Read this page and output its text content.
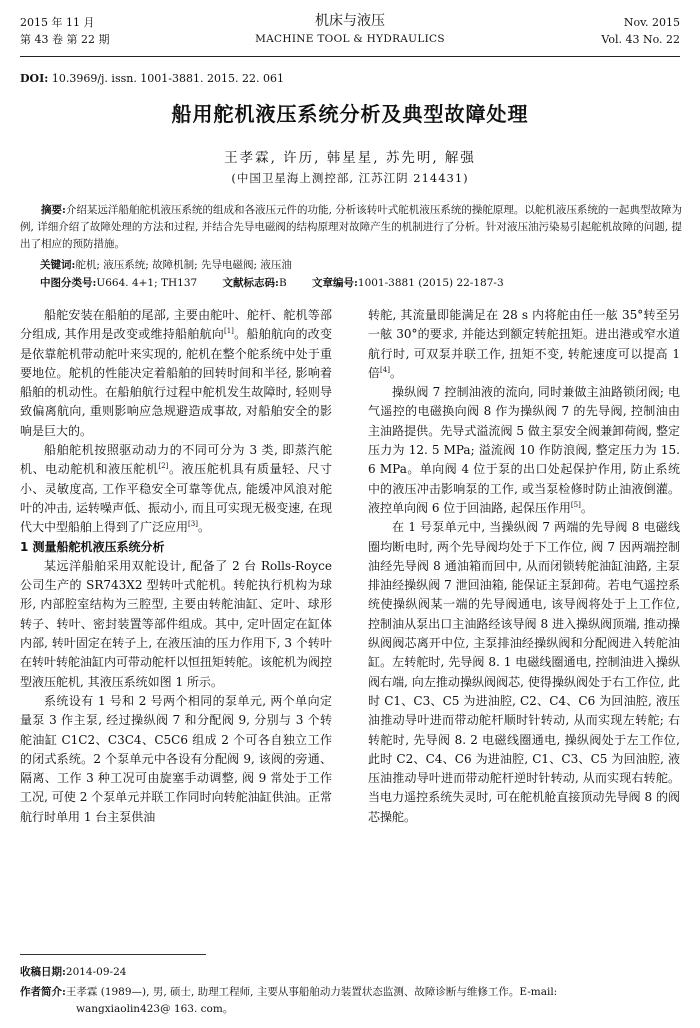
2015 年 11 月
第 43 卷 第 22 期
机床与液压
MACHINE TOOL & HYDRAULICS
Nov. 2015
Vol. 43 No. 22
DOI: 10.3969/j. issn. 1001-3881. 2015. 22. 061
船用舵机液压系统分析及典型故障处理
王孝霖, 许历, 韩星星, 苏先明, 解强
(中国卫星海上测控部, 江苏江阴 214431)
摘要:介绍某远洋船舶舵机液压系统的组成和各液压元件的功能, 分析该转叶式舵机液压系统的操舵原理。以舵机液压系统的一起典型故障为例, 详细介绍了故障处理的方法和过程, 并结合先导电磁阀的结构原理对故障产生的机制进行了分析。针对液压油污染易引起舵机故障的问题, 提出了相应的预防措施。
关键词:舵机; 液压系统; 故障机制; 先导电磁阀; 液压油
中图分类号:U664. 4+1; TH137 文献标志码:B 文章编号:1001-3881 (2015) 22-187-3

船舵安装在船舶的尾部, 主要由舵叶、舵杆、舵机等部分组成, 其作用是改变或维持船舶航向[1]。船舶航向的改变是依靠舵机带动舵叶来实现的, 舵机在整个舵系统中处于重要地位。舵机的性能决定着船舶的回转时间和半径, 影响着船舶的机动性。在船舶航行过程中舵机发生故障时, 轻则导致偏离航向, 重则影响应急规避造成事故, 对船舶安全的影响是巨大的。

船舶舵机按照驱动动力的不同可分为 3 类, 即蒸汽舵机、电动舵机和液压舵机[2]。液压舵机具有质量轻、尺寸小、灵敏度高, 工作平稳安全可靠等优点, 能缓冲风浪对舵叶的冲击, 运转噪声低、振动小, 而且可实现无极变速, 在现代大中型船舶上得到了广泛应用[3]。

1 测量船舵机液压系统分析

某远洋船舶采用双舵设计, 配备了 2 台 Rolls-Royce 公司生产的 SR743X2 型转叶式舵机。转舵执行机构为球形, 内部腔室结构为三腔型, 主要由转舵油缸、定叶、球形转子、转叶、密封装置等部件组成。其中, 定叶固定在缸体内部, 转叶固定在转子上, 在液压油的压力作用下, 3 个转叶在转叶转舵油缸内可带动舵杆以恒扭矩转舵。该舵机为阀控型液压舵机, 其液压系统如图 1 所示。

系统设有 1 号和 2 号两个相同的泵单元, 两个单向定量泵 3 作主泵, 经过操纵阀 7 和分配阀 9, 分别与 3 个转舵油缸 C1C2、C3C4、C5C6 组成 2 个可各自独立工作的闭式系统。2 个泵单元中各设有分配阀 9, 该阀的旁通、隔离、工作 3 种工况可由旋塞手动调整, 阀 9 常处于工作工况, 可使 2 个泵单元并联工作同时向转舵油缸供油。正常航行时单用 1 台主泵供油

转舵, 其流量即能满足在 28 s 内将舵由任一舷 35°转至另一舷 30°的要求, 并能达到额定转舵扭矩。进出港或窄水道航行时, 可双泵并联工作, 扭矩不变, 转舵速度可以提高 1 倍[4]。

操纵阀 7 控制油液的流向, 同时兼做主油路锁闭阀; 电气遥控的电磁换向阀 8 作为操纵阀 7 的先导阀, 控制油由主油路提供。先导式溢流阀 5 做主泵安全阀兼卸荷阀, 整定压力为 12. 5 MPa; 溢流阀 10 作防浪阀, 整定压力为 15. 6 MPa。单向阀 4 位于泵的出口处起保护作用, 防止系统中的液压冲击影响泵的工作, 或当泵检修时防止油液倒灌。液控单向阀 6 位于回油路, 起保压作用[5]。

在 1 号泵单元中, 当操纵阀 7 两端的先导阀 8 电磁线圈均断电时, 两个先导阀均处于下工作位, 阀 7 因两端控制油经先导阀 8 通油箱而回中, 从而闭锁转舵油缸油路, 主泵排油经操纵阀 7 泄回油箱, 能保证主泵卸荷。若电气遥控系统使操纵阀某一端的先导阀通电, 该导阀将处于上工作位, 控制油从泵出口主油路经该导阀 8 进入操纵阀顶端, 推动操纵阀阀芯离开中位, 主泵排油经操纵阀和分配阀进入转舵油缸。左转舵时, 先导阀 8. 1 电磁线圈通电, 控制油进入操纵阀右端, 向左推动操纵阀阀芯, 使得操纵阀处于右工作位, 此时 C1、C3、C5 为进油腔, C2、C4、C6 为回油腔, 液压油推动导叶进而带动舵杆顺时针转动, 从而实现左转舵; 右转舵时, 先导阀 8. 2 电磁线圈通电, 操纵阀处于左工作位, 此时 C2、C4、C6 为进油腔, C1、C3、C5 为回油腔, 液压油推动导叶进而带动舵杆逆时针转动, 从而实现右转舵。当电力遥控系统失灵时, 可在舵机舱直接顶动先导阀 8 的阀芯操舵。

收稿日期:2014-09-24
作者简介:王孝霖 (1989—), 男, 硕士, 助理工程师, 主要从事船舶动力装置状态监测、故障诊断与维修工作。E-mail:
wangxiaolin423@ 163. com。
